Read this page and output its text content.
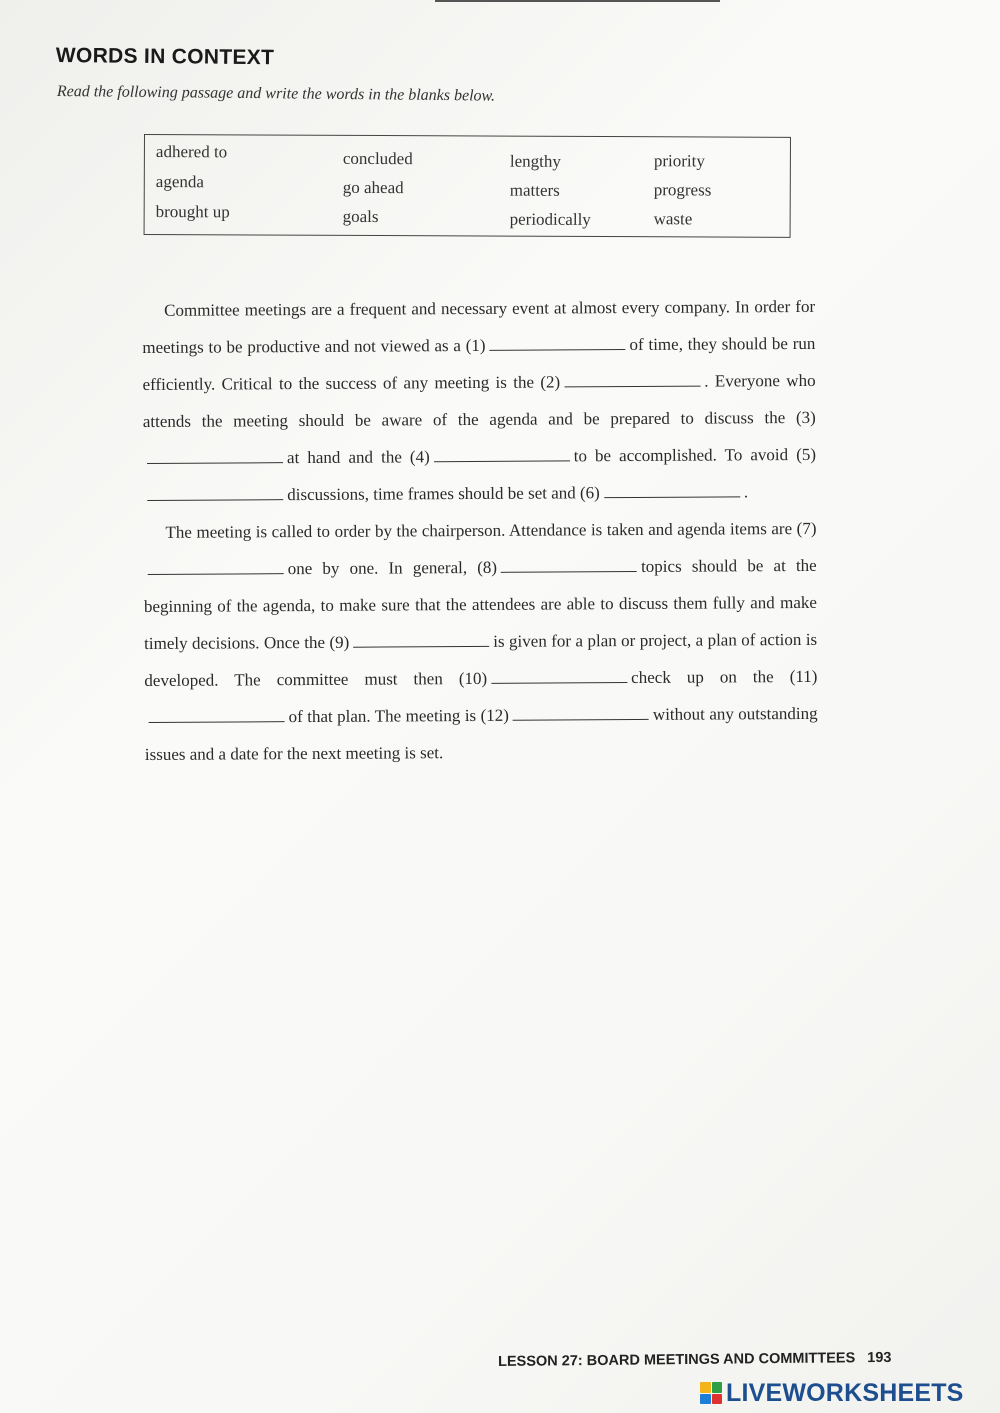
WORDS IN CONTEXT
Read the following passage and write the words in the blanks below.
adhered to	concluded	lengthy	priority
agenda	go ahead	matters	progress
brought up	goals	periodically	waste

Committee meetings are a frequent and necessary event at almost every company. In order for meetings to be productive and not viewed as a (1)	of time, they should be run efficiently. Critical to the success of any meeting is the (2)	. Everyone who attends the meeting should be aware of the agenda and be prepared to discuss the (3)at hand and the (4)	to be accomplished. To avoid (5)discussions, time frames should be set and (6)	.

The meeting is called to order by the chairperson. Attendance is taken and agenda items are (7)one by one. In general, (8)	topics should be at the beginning of the agenda, to make sure that the attendees are able to discuss them fully and make timely decisions. Once the (9)	is given for a plan or project, a plan of action is developed. The committee must then (10)	check up on the (11)of that plan. The meeting is (12)	without any outstanding issues and a date for the next meeting is set.

LESSON 27: BOARD MEETINGS AND COMMITTEES 193
LIVEWORKSHEETS
